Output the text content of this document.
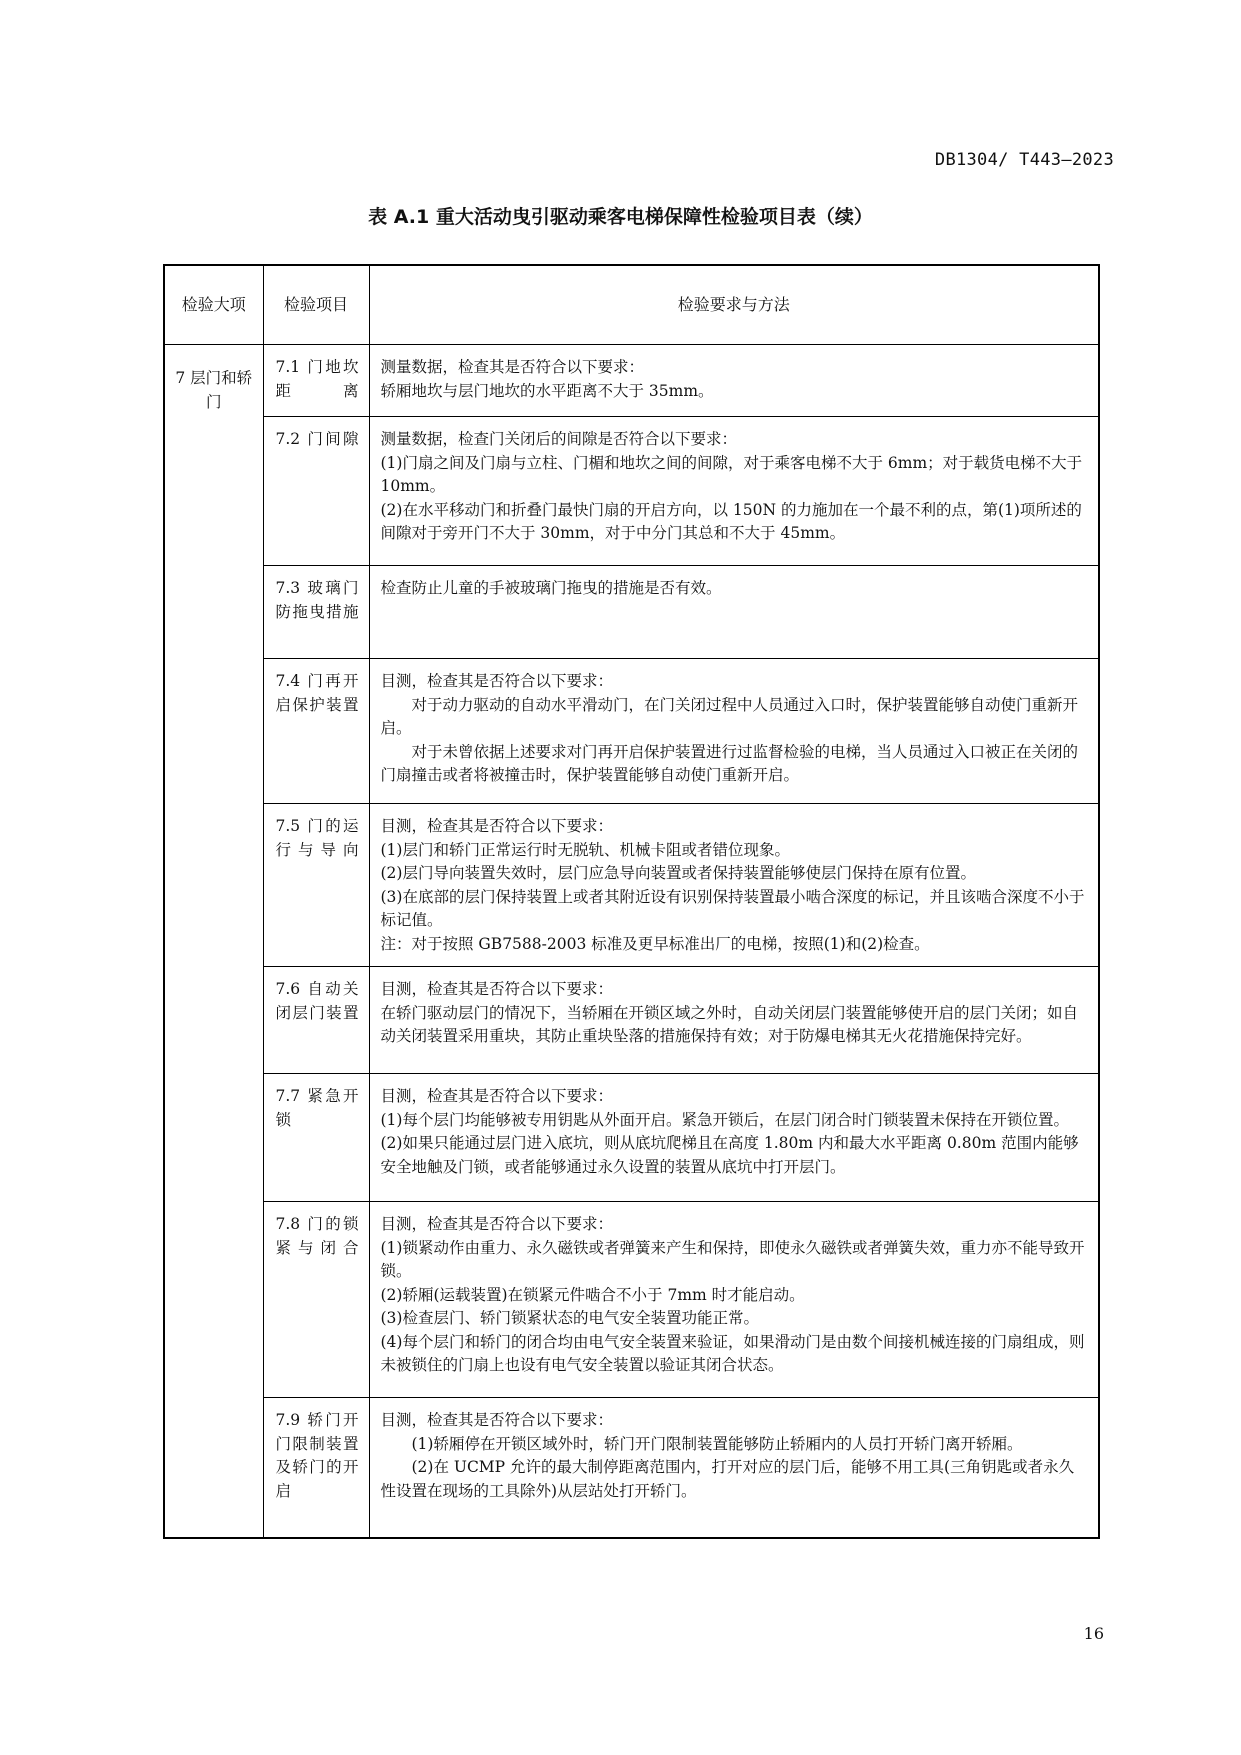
DB1304/ T443—2023
表 A.1 重大活动曳引驱动乘客电梯保障性检验项目表（续）
检验大项	检验项目	检验要求与方法
7 层门和轿门	7.1 门地坎距离	测量数据，检查其是否符合以下要求：
轿厢地坎与层门地坎的水平距离不大于 35mm。

	7.2 门间隙	测量数据，检查门关闭后的间隙是否符合以下要求：
(1)门扇之间及门扇与立柱、门楣和地坎之间的间隙，对于乘客电梯不大于 6mm；对于载货电梯不大于 10mm。
(2)在水平移动门和折叠门最快门扇的开启方向，以 150N 的力施加在一个最不利的点，第(1)项所述的间隙对于旁开门不大于 30mm，对于中分门其总和不大于 45mm。

	7.3 玻璃门防拖曳措施	检查防止儿童的手被玻璃门拖曳的措施是否有效。

	7.4 门再开启保护装置	目测，检查其是否符合以下要求：
对于动力驱动的自动水平滑动门，在门关闭过程中人员通过入口时，保护装置能够自动使门重新开启。
对于未曾依据上述要求对门再开启保护装置进行过监督检验的电梯，当人员通过入口被正在关闭的门扇撞击或者将被撞击时，保护装置能够自动使门重新开启。

	7.5 门的运行与导向	目测，检查其是否符合以下要求：
(1)层门和轿门正常运行时无脱轨、机械卡阻或者错位现象。
(2)层门导向装置失效时，层门应急导向装置或者保持装置能够使层门保持在原有位置。
(3)在底部的层门保持装置上或者其附近设有识别保持装置最小啮合深度的标记，并且该啮合深度不小于标记值。
注：对于按照 GB7588-2003 标准及更早标准出厂的电梯，按照(1)和(2)检查。

	7.6 自动关闭层门装置	目测，检查其是否符合以下要求：
在轿门驱动层门的情况下，当轿厢在开锁区域之外时，自动关闭层门装置能够使开启的层门关闭；如自动关闭装置采用重块，其防止重块坠落的措施保持有效；对于防爆电梯其无火花措施保持完好。

	7.7 紧急开锁	目测，检查其是否符合以下要求：
(1)每个层门均能够被专用钥匙从外面开启。紧急开锁后，在层门闭合时门锁装置未保持在开锁位置。
(2)如果只能通过层门进入底坑，则从底坑爬梯且在高度 1.80m 内和最大水平距离 0.80m 范围内能够安全地触及门锁，或者能够通过永久设置的装置从底坑中打开层门。

	7.8 门的锁紧与闭合	目测，检查其是否符合以下要求：
(1)锁紧动作由重力、永久磁铁或者弹簧来产生和保持，即使永久磁铁或者弹簧失效，重力亦不能导致开锁。
(2)轿厢(运载装置)在锁紧元件啮合不小于 7mm 时才能启动。
(3)检查层门、轿门锁紧状态的电气安全装置功能正常。
(4)每个层门和轿门的闭合均由电气安全装置来验证，如果滑动门是由数个间接机械连接的门扇组成，则未被锁住的门扇上也设有电气安全装置以验证其闭合状态。

	7.9 轿门开门限制装置及轿门的开启	目测，检查其是否符合以下要求：
(1)轿厢停在开锁区域外时，轿门开门限制装置能够防止轿厢内的人员打开轿门离开轿厢。
(2)在 UCMP 允许的最大制停距离范围内，打开对应的层门后，能够不用工具(三角钥匙或者永久性设置在现场的工具除外)从层站处打开轿门。
16
